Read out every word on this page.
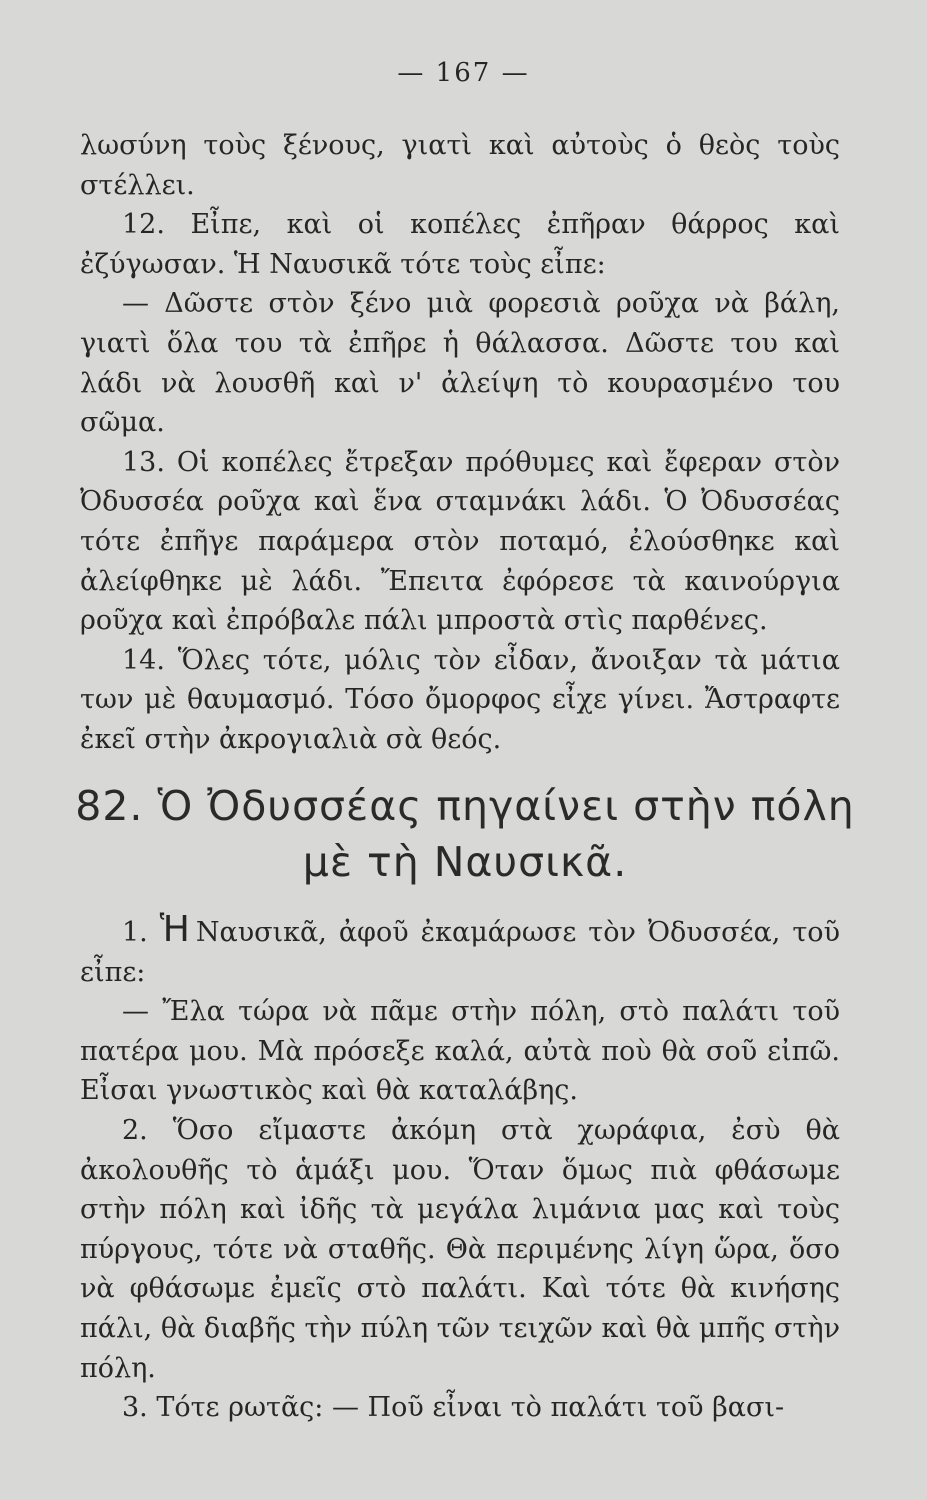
— 167 —

λωσύνη τοὺς ξένους, γιατὶ καὶ αὐτοὺς ὁ θεὸς τοὺς στέλλει.

12. Εἶπε, καὶ οἱ κοπέλες ἐπῆραν θάρρος καὶ ἐζύγωσαν. Ἡ Ναυσικᾶ τότε τοὺς εἶπε:

— Δῶστε στὸν ξένο μιὰ φορεσιὰ ροῦχα νὰ βάλη, γιατὶ ὅλα του τὰ ἐπῆρε ἡ θάλασσα. Δῶστε του καὶ λάδι νὰ λουσθῆ καὶ ν' ἀλείψη τὸ κουρασμένο του σῶμα.

13. Οἱ κοπέλες ἔτρεξαν πρόθυμες καὶ ἔφεραν στὸν Ὀδυσσέα ροῦχα καὶ ἕνα σταμνάκι λάδι. Ὁ Ὀδυσσέας τότε ἐπῆγε παράμερα στὸν ποταμό, ἐλούσθηκε καὶ ἀλείφθηκε μὲ λάδι. Ἔπειτα ἐφόρεσε τὰ καινούργια ροῦχα καὶ ἐπρόβαλε πάλι μπροστὰ στὶς παρθένες.

14. Ὅλες τότε, μόλις τὸν εἶδαν, ἄνοιξαν τὰ μάτια των μὲ θαυμασμό. Τόσο ὄμορφος εἶχε γίνει. Ἄστραφτε ἐκεῖ στὴν ἀκρογιαλιὰ σὰ θεός.

82. Ὁ Ὀδυσσέας πηγαίνει στὴν πόλη
μὲ τὴ Ναυσικᾶ.

1. Ἡ Ναυσικᾶ, ἀφοῦ ἐκαμάρωσε τὸν Ὀδυσσέα, τοῦ εἶπε:

— Ἔλα τώρα νὰ πᾶμε στὴν πόλη, στὸ παλάτι τοῦ πατέρα μου. Μὰ πρόσεξε καλά, αὐτὰ ποὺ θὰ σοῦ εἰπῶ. Εἶσαι γνωστικὸς καὶ θὰ καταλάβης.

2. Ὅσο εἴμαστε ἀκόμη στὰ χωράφια, ἐσὺ θὰ ἀκολουθῆς τὸ ἁμάξι μου. Ὅταν ὅμως πιὰ φθάσωμε στὴν πόλη καὶ ἰδῆς τὰ μεγάλα λιμάνια μας καὶ τοὺς πύργους, τότε νὰ σταθῆς. Θὰ περιμένης λίγη ὥρα, ὅσο νὰ φθάσωμε ἐμεῖς στὸ παλάτι. Καὶ τότε θὰ κινήσης πάλι, θὰ διαβῆς τὴν πύλη τῶν τειχῶν καὶ θὰ μπῆς στὴν πόλη.

3. Τότε ρωτᾶς: — Ποῦ εἶναι τὸ παλάτι τοῦ βασι-
